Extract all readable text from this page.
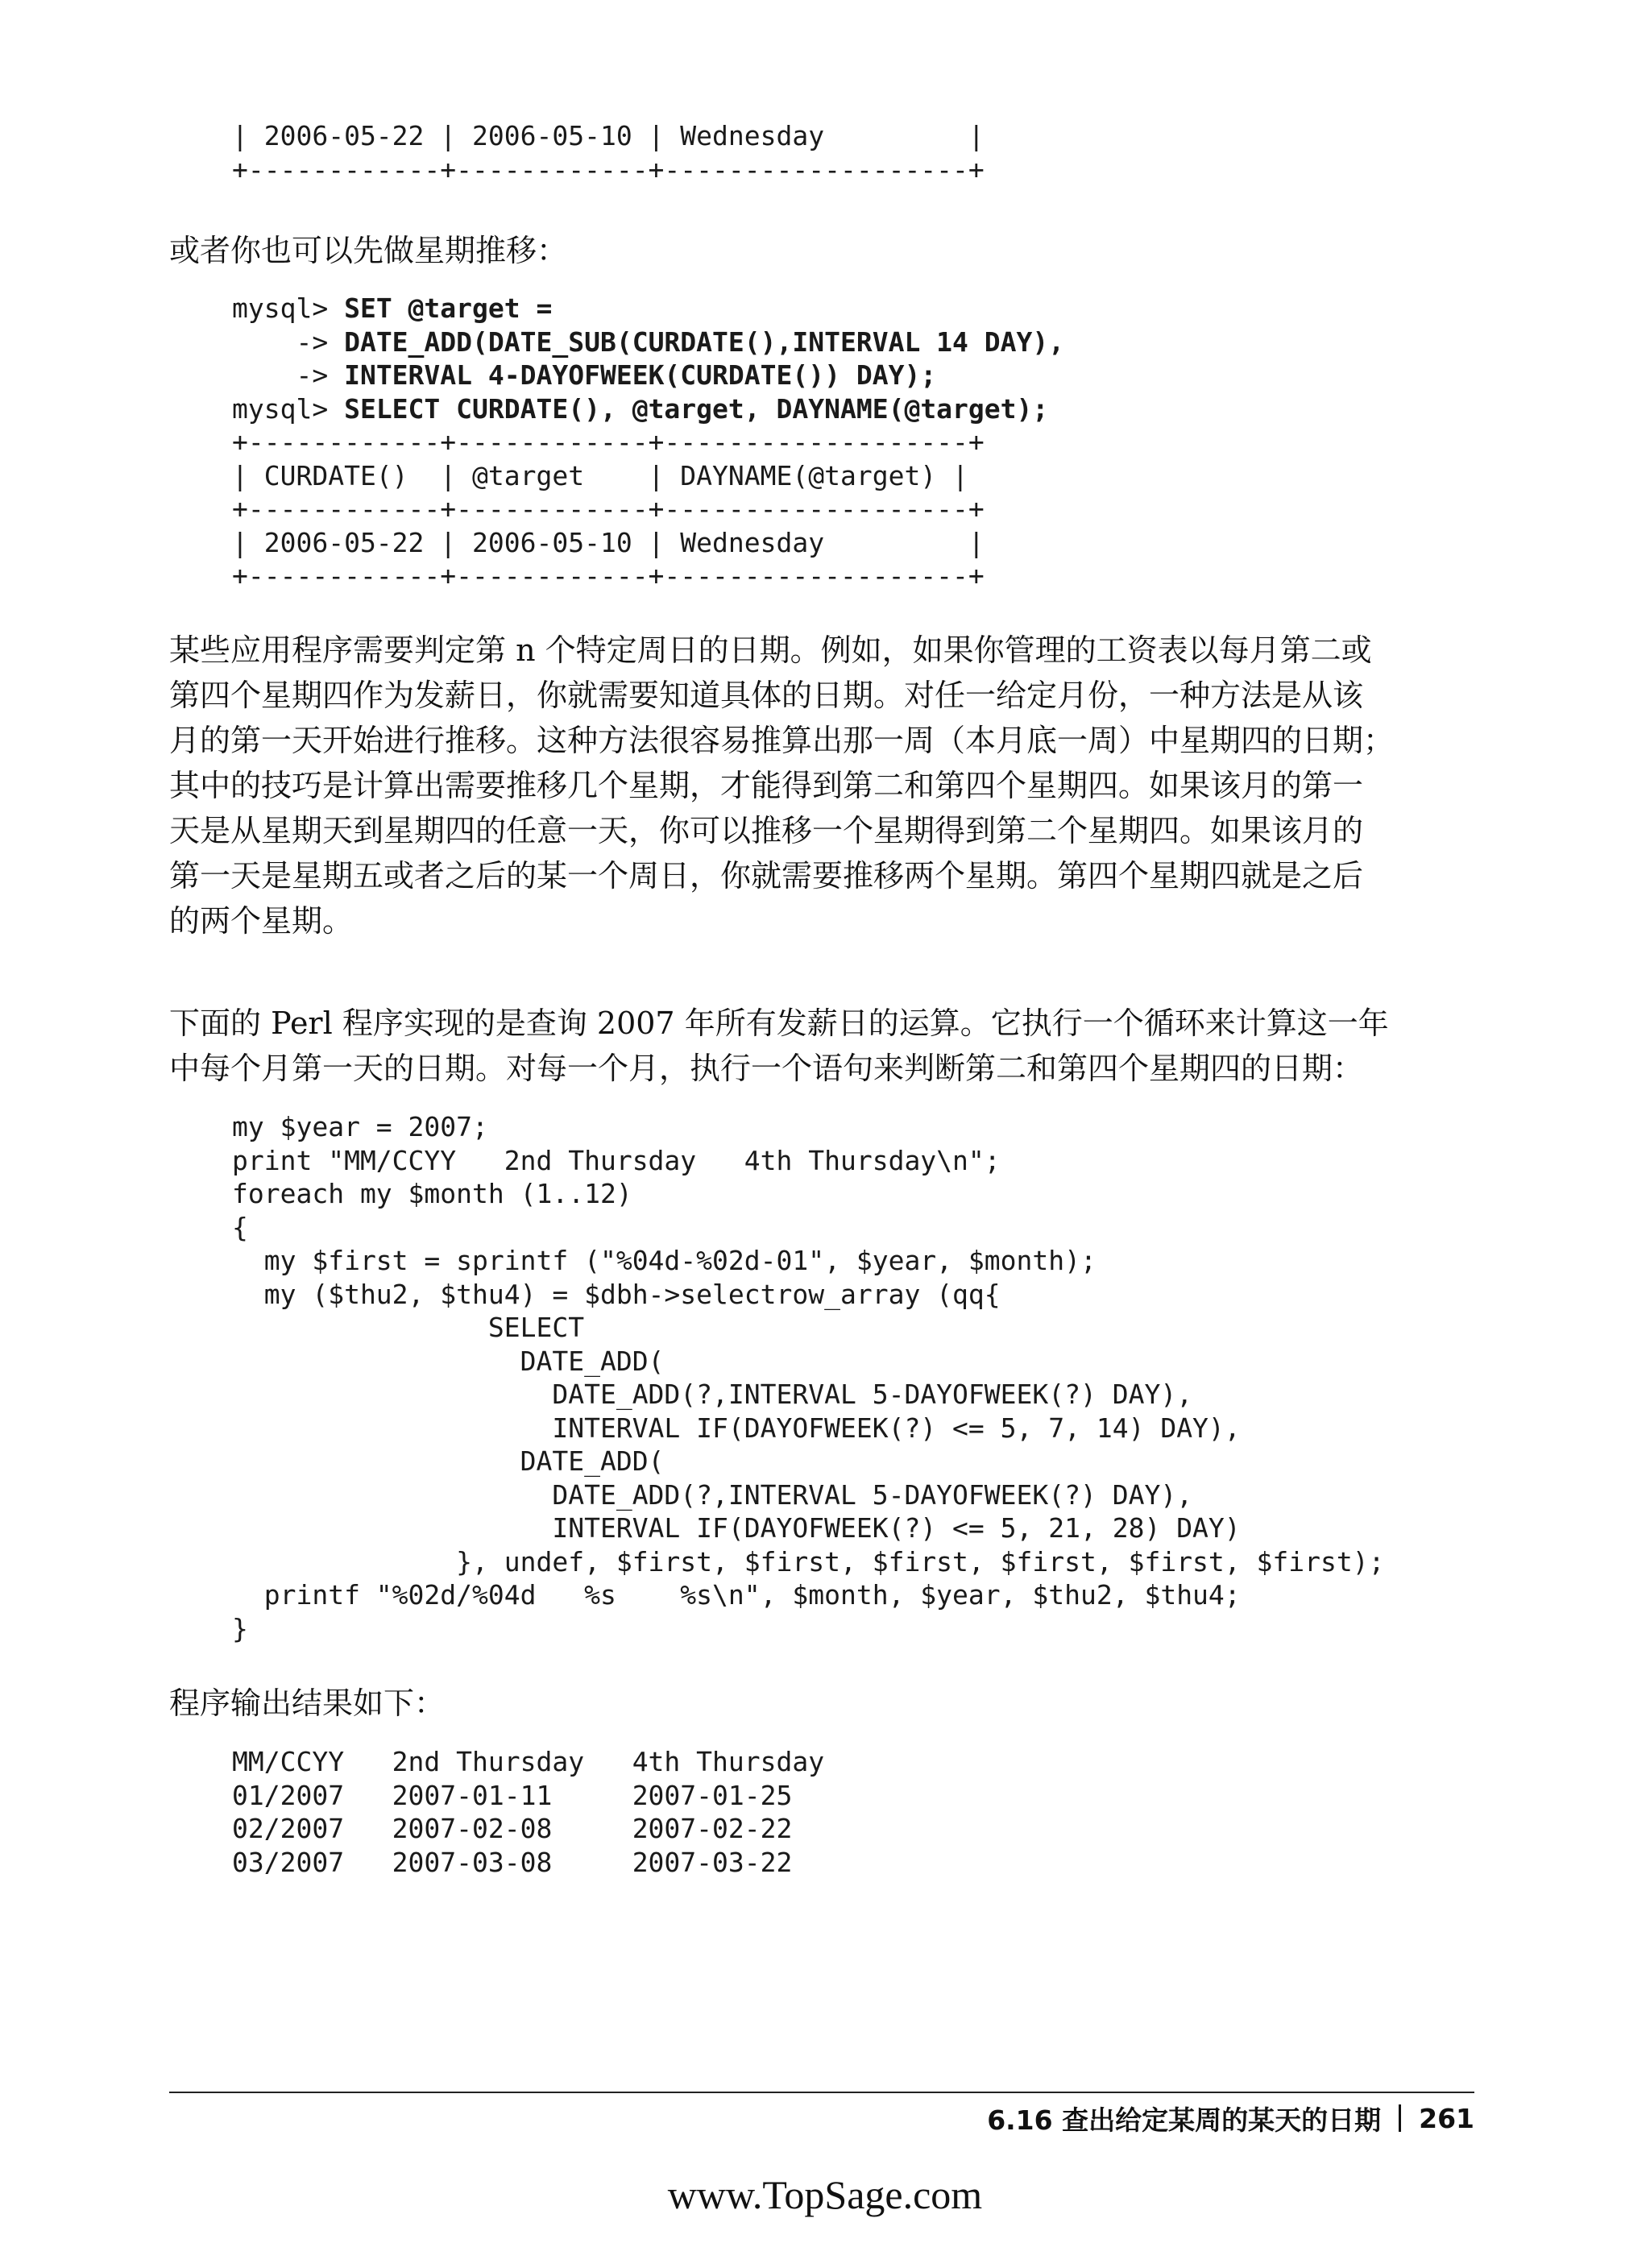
| 2006-05-22 | 2006-05-10 | Wednesday         |
+------------+------------+-------------------+

或者你也可以先做星期推移：

mysql> SET @target =
-> DATE_ADD(DATE_SUB(CURDATE(),INTERVAL 14 DAY),
-> INTERVAL 4-DAYOFWEEK(CURDATE()) DAY);
mysql> SELECT CURDATE(), @target, DAYNAME(@target);
+------------+------------+-------------------+
| CURDATE()  | @target    | DAYNAME(@target) |
+------------+------------+-------------------+
| 2006-05-22 | 2006-05-10 | Wednesday         |
+------------+------------+-------------------+
某些应用程序需要判定第 n 个特定周日的日期。例如，如果你管理的工资表以每月第二或
第四个星期四作为发薪日，你就需要知道具体的日期。对任一给定月份，一种方法是从该
月的第一天开始进行推移。这种方法很容易推算出那一周（本月底一周）中星期四的日期；
其中的技巧是计算出需要推移几个星期，才能得到第二和第四个星期四。如果该月的第一
天是从星期天到星期四的任意一天，你可以推移一个星期得到第二个星期四。如果该月的
第一天是星期五或者之后的某一个周日，你就需要推移两个星期。第四个星期四就是之后
的两个星期。
下面的 Perl 程序实现的是查询 2007 年所有发薪日的运算。它执行一个循环来计算这一年
中每个月第一天的日期。对每一个月，执行一个语句来判断第二和第四个星期四的日期：
my $year = 2007;
print "MM/CCYY   2nd Thursday   4th Thursday\n";
foreach my $month (1..12)
{
my $first = sprintf ("%04d-%02d-01", $year, $month);
my ($thu2, $thu4) = $dbh->selectrow_array (qq{
SELECT
DATE_ADD(
DATE_ADD(?,INTERVAL 5-DAYOFWEEK(?) DAY),
INTERVAL IF(DAYOFWEEK(?) <= 5, 7, 14) DAY),
DATE_ADD(
DATE_ADD(?,INTERVAL 5-DAYOFWEEK(?) DAY),
INTERVAL IF(DAYOFWEEK(?) <= 5, 21, 28) DAY)
}, undef, $first, $first, $first, $first, $first, $first);
printf "%02d/%04d   %s    %s\n", $month, $year, $thu2, $thu4;
}

程序输出结果如下：

MM/CCYY   2nd Thursday   4th Thursday
01/2007   2007-01-11     2007-01-25
02/2007   2007-02-08     2007-02-22
03/2007   2007-03-08     2007-03-22
6.16 查出给定某周的某天的日期 261
www.TopSage.com
